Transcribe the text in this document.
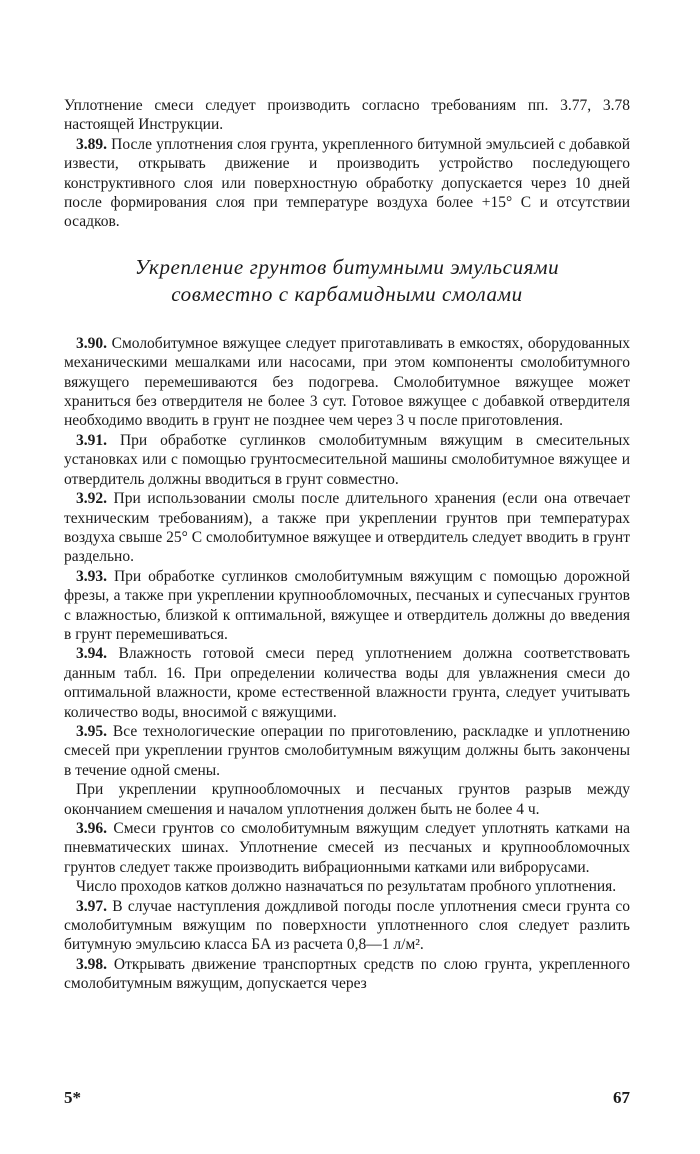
Уплотнение смеси следует производить согласно требованиям пп. 3.77, 3.78 настоящей Инструкции.

3.89. После уплотнения слоя грунта, укрепленного битумной эмульсией с добавкой извести, открывать движение и производить устройство последующего конструктивного слоя или поверхностную обработку допускается через 10 дней после формирования слоя при температуре воздуха более +15° С и отсутствии осадков.

Укрепление грунтов битумными эмульсиями
совместно с карбамидными смолами

3.90. Смолобитумное вяжущее следует приготавливать в емкостях, оборудованных механическими мешалками или насосами, при этом компоненты смолобитумного вяжущего перемешиваются без подогрева. Смолобитумное вяжущее может храниться без отвердителя не более 3 сут. Готовое вяжущее с добавкой отвердителя необходимо вводить в грунт не позднее чем через 3 ч после приготовления.

3.91. При обработке суглинков смолобитумным вяжущим в смесительных установках или с помощью грунтосмесительной машины смолобитумное вяжущее и отвердитель должны вводиться в грунт совместно.

3.92. При использовании смолы после длительного хранения (если она отвечает техническим требованиям), а также при укреплении грунтов при температурах воздуха свыше 25° С смолобитумное вяжущее и отвердитель следует вводить в грунт раздельно.

3.93. При обработке суглинков смолобитумным вяжущим с помощью дорожной фрезы, а также при укреплении крупнообломочных, песчаных и супесчаных грунтов с влажностью, близкой к оптимальной, вяжущее и отвердитель должны до введения в грунт перемешиваться.

3.94. Влажность готовой смеси перед уплотнением должна соответствовать данным табл. 16. При определении количества воды для увлажнения смеси до оптимальной влажности, кроме естественной влажности грунта, следует учитывать количество воды, вносимой с вяжущими.

3.95. Все технологические операции по приготовлению, раскладке и уплотнению смесей при укреплении грунтов смолобитумным вяжущим должны быть закончены в течение одной смены.

При укреплении крупнообломочных и песчаных грунтов разрыв между окончанием смешения и началом уплотнения должен быть не более 4 ч.

3.96. Смеси грунтов со смолобитумным вяжущим следует уплотнять катками на пневматических шинах. Уплотнение смесей из песчаных и крупнообломочных грунтов следует также производить вибрационными катками или виброрусами.

Число проходов катков должно назначаться по результатам пробного уплотнения.

3.97. В случае наступления дождливой погоды после уплотнения смеси грунта со смолобитумным вяжущим по поверхности уплотненного слоя следует разлить битумную эмульсию класса БА из расчета 0,8—1 л/м².

3.98. Открывать движение транспортных средств по слою грунта, укрепленного смолобитумным вяжущим, допускается через

5*	67
